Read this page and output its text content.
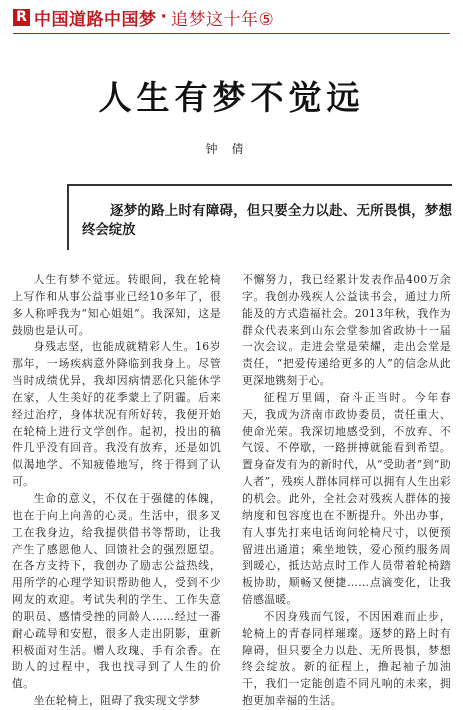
R 中国道路中国梦 · 追梦这十年⑤
人生有梦不觉远
钟倩
逐梦的路上时有障碍，但只要全力以赴、无所畏惧，梦想终会绽放

人生有梦不觉远。转眼间，我在轮椅上写作和从事公益事业已经10多年了，很多人称呼我为“知心姐姐”。我深知，这是鼓励也是认可。

身残志坚，也能成就精彩人生。16岁那年，一场疾病意外降临到我身上。尽管当时成绩优异，我却因病情恶化只能休学在家，人生美好的花季蒙上了阴霾。后来经过治疗，身体状况有所好转，我便开始在轮椅上进行文学创作。起初，投出的稿件几乎没有回音。我没有放弃，还是如饥似渴地学、不知疲倦地写，终于得到了认可。

生命的意义，不仅在于强健的体魄，也在于向上向善的心灵。生活中，很多叉工在我身边，给我提供借书等帮助，让我产生了感恩他人、回馈社会的强烈愿望。在各方支持下，我创办了励志公益热线，用所学的心理学知识帮助他人，受到不少网友的欢迎。考试失利的学生、工作失意的职员、感情受挫的同龄人……经过一番耐心疏导和安慰，很多人走出阴影，重新积极面对生活。赠人玫瑰、手有余香。在助人的过程中，我也找寻到了人生的价值。

坐在轮椅上，阻碍了我实现文学梦

不懈努力，我已经累计发表作品400万余字。我创办残疾人公益读书会，通过力所能及的方式造福社会。2013年秋，我作为群众代表来到山东会堂参加省政协十一届一次会议。走进会堂是荣耀，走出会堂是责任，“把爱传递给更多的人”的信念从此更深地镌刻于心。

征程万里阔，奋斗正当时。今年春天，我成为济南市政协委员，责任重大、使命光荣。我深切地感受到，不放弃、不气馁、不停歇，一路拼搏就能看到希望。置身奋发有为的新时代，从“受助者”到“助人者”，残疾人群体同样可以拥有人生出彩的机会。此外，全社会对残疾人群体的接纳度和包容度也在不断提升。外出办事，有人事先打来电话询问轮椅尺寸，以便预留进出通道；乘坐地铁，爱心预约服务周到暖心，抵达站点时工作人员带着轮椅踏板协助，顺畅又便捷……点滴变化，让我倍感温暖。

不因身残而气馁，不因困难而止步，轮椅上的青春同样璀璨。逐梦的路上时有障碍，但只要全力以赴、无所畏惧，梦想终会绽放。新的征程上，撸起袖子加油干，我们一定能创造不同凡响的未来，拥抱更加幸福的生活。
